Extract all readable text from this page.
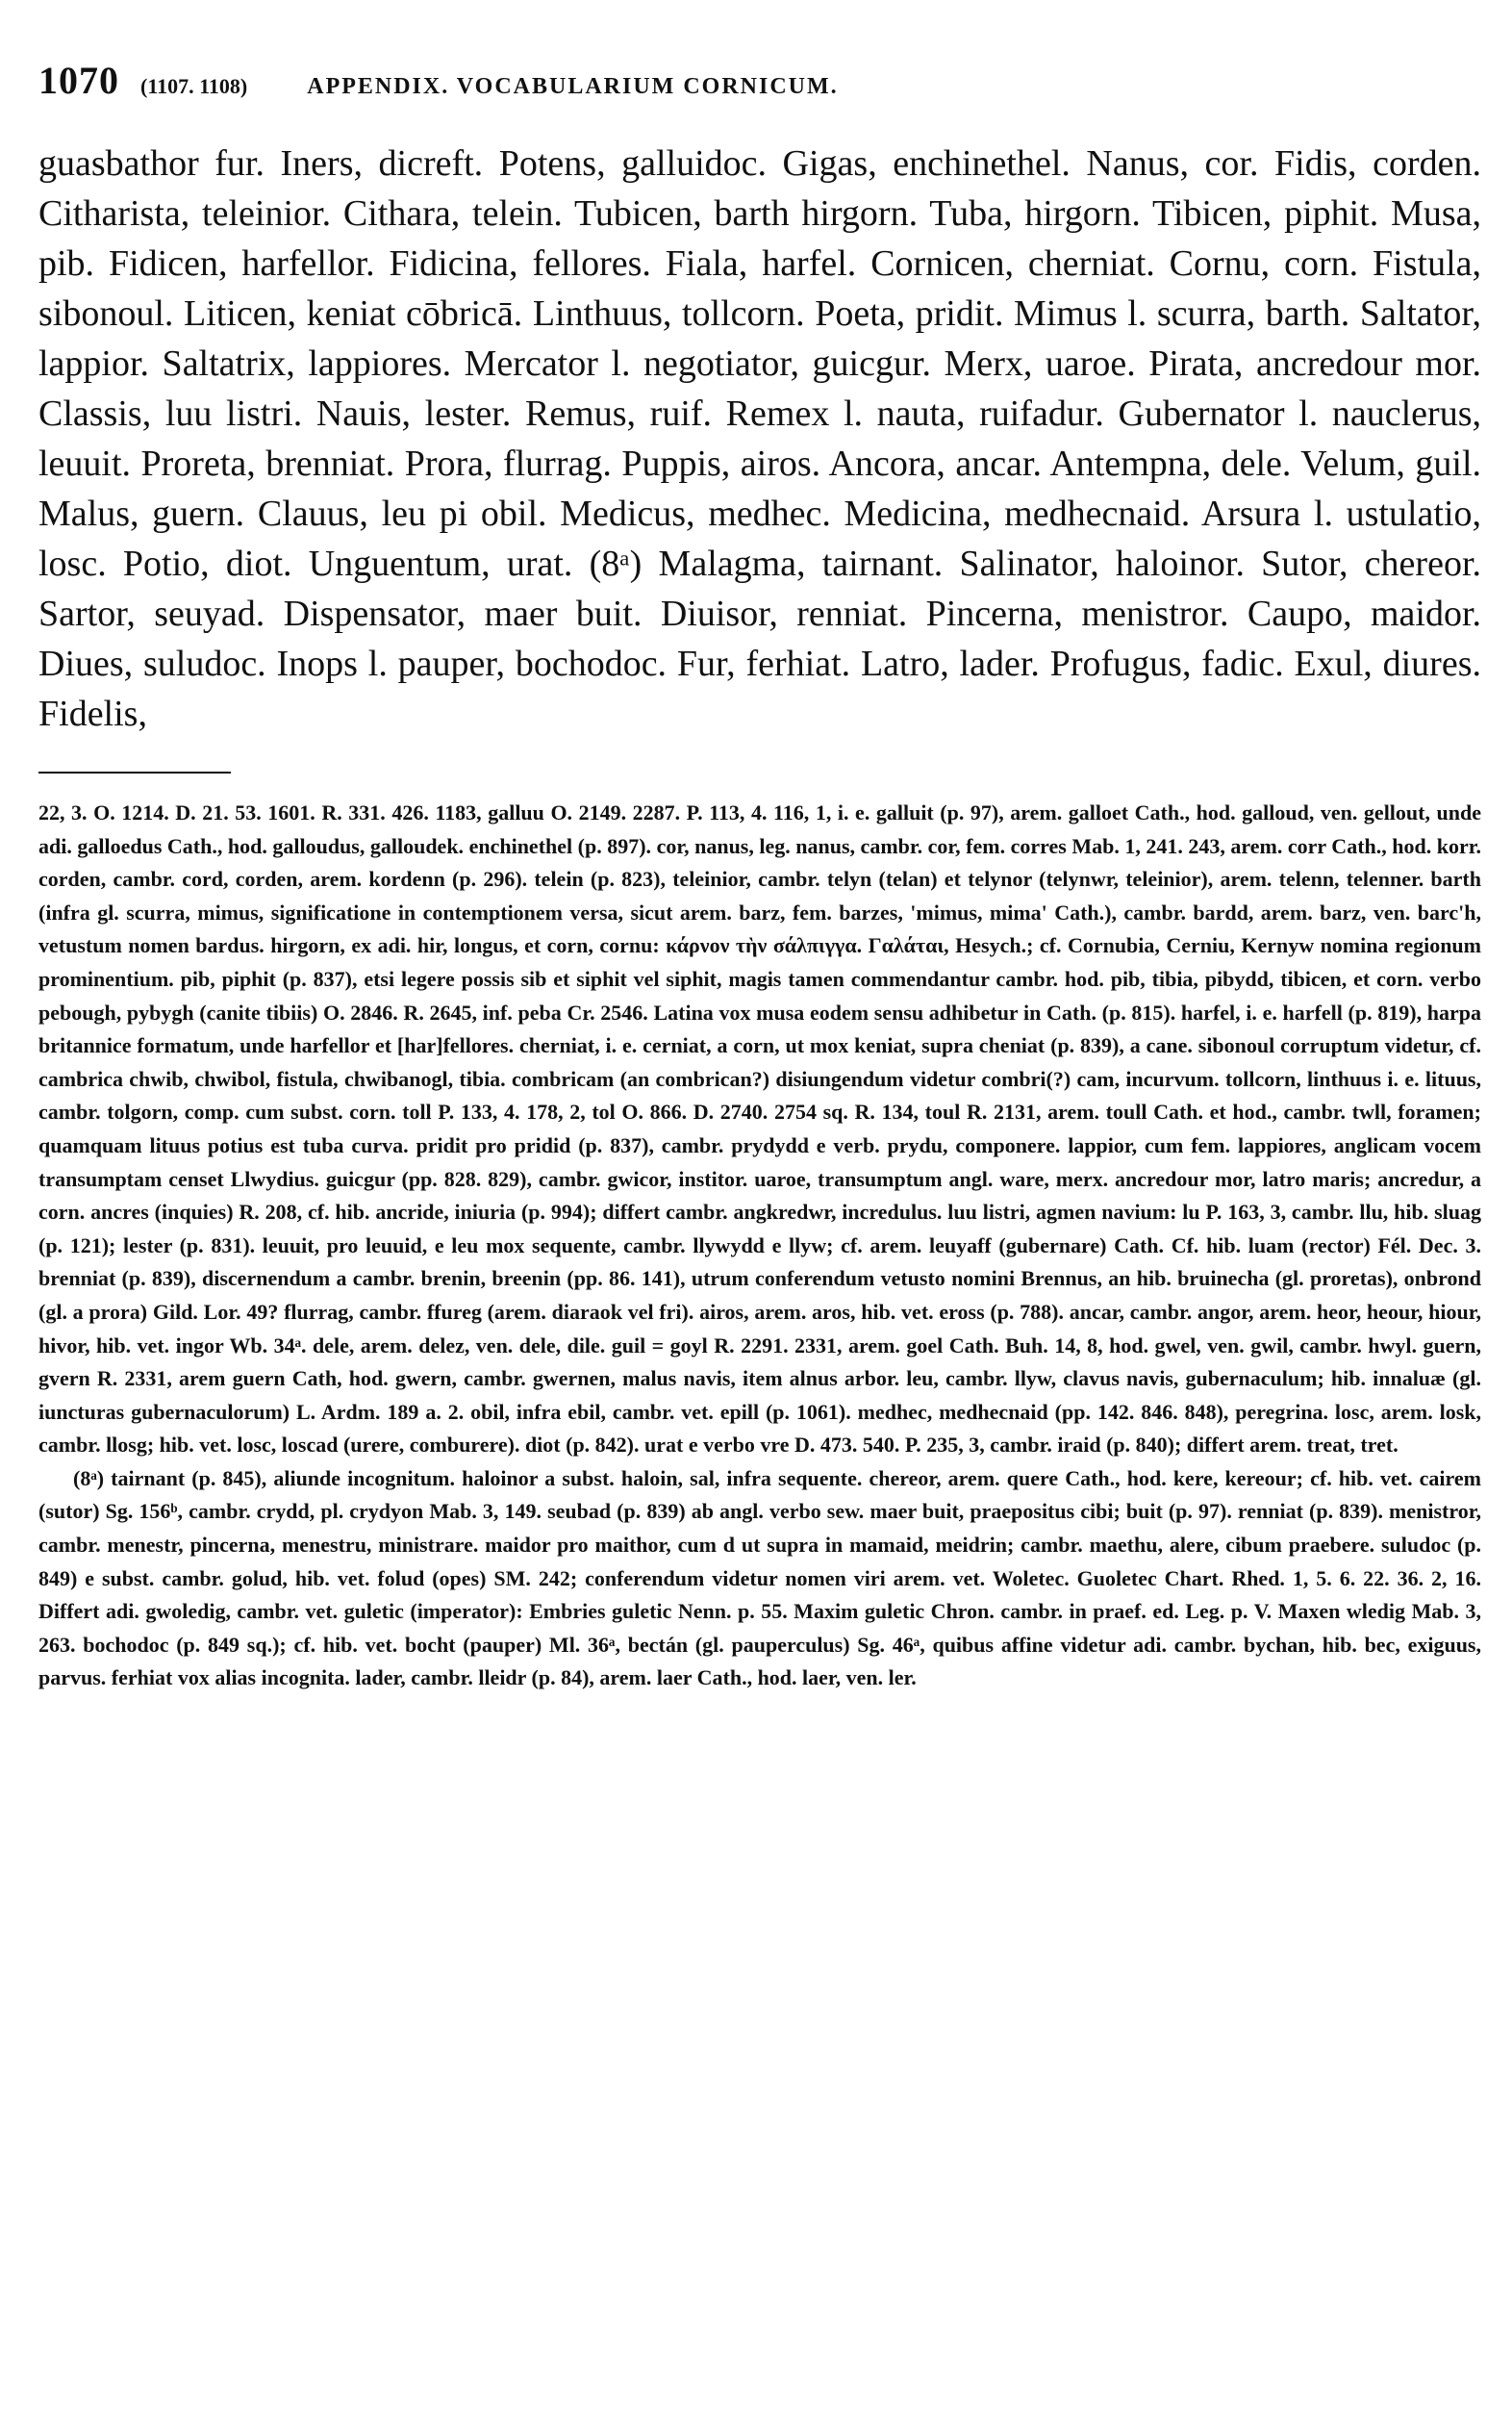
1070 (1107. 1108)	APPENDIX. VOCABULARIUM CORNICUM.
guasbathor fur. Iners, dicreft. Potens, galluidoc. Gigas, enchinethel. Nanus, cor. Fidis, corden. Citharista, teleinior. Cithara, telein. Tubicen, barth hirgorn. Tuba, hirgorn. Tibicen, piphit. Musa, pib. Fidicen, harfellor. Fidicina, fellores. Fiala, harfel. Cornicen, cherniat. Cornu, corn. Fistula, sibonoul. Liticen, keniat cōbricā. Linthuus, tollcorn. Poeta, pridit. Mimus l. scurra, barth. Saltator, lappior. Saltatrix, lappiores. Mercator l. negotiator, guicgur. Merx, uaroe. Pirata, ancredour mor. Classis, luu listri. Nauis, lester. Remus, ruif. Remex l. nauta, ruifadur. Gubernator l. nauclerus, leuuit. Proreta, brenniat. Prora, flurrag. Puppis, airos. Ancora, ancar. Antempna, dele. Velum, guil. Malus, guern. Clauus, leu pi obil. Medicus, medhec. Medicina, medhecnaid. Arsura l. ustulatio, losc. Potio, diot. Unguentum, urat. (8ᵃ) Malagma, tairnant. Salinator, haloinor. Sutor, chereor. Sartor, seuyad. Dispensator, maer buit. Diuisor, renniat. Pincerna, menistror. Caupo, maidor. Diues, suludoc. Inops l. pauper, bochodoc. Fur, ferhiat. Latro, lader. Profugus, fadic. Exul, diures. Fidelis,

22, 3. O. 1214. D. 21. 53. 1601. R. 331. 426. 1183, galluu O. 2149. 2287. P. 113, 4. 116, 1, i. e. galluit (p. 97), arem. galloet Cath., hod. galloud, ven. gellout, unde adi. galloedus Cath., hod. galloudus, galloudek. enchinethel (p. 897). cor, nanus, leg. nanus, cambr. cor, fem. corres Mab. 1, 241. 243, arem. corr Cath., hod. korr. corden, cambr. cord, corden, arem. kordenn (p. 296). telein (p. 823), teleinior, cambr. telyn (telan) et telynor (telynwr, teleinior), arem. telenn, telenner. barth (infra gl. scurra, mimus, significatione in contemptionem versa, sicut arem. barz, fem. barzes, 'mimus, mima' Cath.), cambr. bardd, arem. barz, ven. barc'h, vetustum nomen bardus. hirgorn, ex adi. hir, longus, et corn, cornu: κάρνον τὴν σάλπιγγα. Γαλάται, Hesych.; cf. Cornubia, Cerniu, Kernyw nomina regionum prominentium. pib, piphit (p. 837), etsi legere possis sib et siphit vel siphit, magis tamen commendantur cambr. hod. pib, tibia, pibydd, tibicen, et corn. verbo pebough, pybygh (canite tibiis) O. 2846. R. 2645, inf. peba Cr. 2546. Latina vox musa eodem sensu adhibetur in Cath. (p. 815). harfel, i. e. harfell (p. 819), harpa britannice formatum, unde harfellor et [har]fellores. cherniat, i. e. cerniat, a corn, ut mox keniat, supra cheniat (p. 839), a cane. sibonoul corruptum videtur, cf. cambrica chwib, chwibol, fistula, chwibanogl, tibia. combricam (an combrican?) disiungendum videtur combri(?) cam, incurvum. tollcorn, linthuus i. e. lituus, cambr. tolgorn, comp. cum subst. corn. toll P. 133, 4. 178, 2, tol O. 866. D. 2740. 2754 sq. R. 134, toul R. 2131, arem. toull Cath. et hod., cambr. twll, foramen; quamquam lituus potius est tuba curva. pridit pro pridid (p. 837), cambr. prydydd e verb. prydu, componere. lappior, cum fem. lappiores, anglicam vocem transumptam censet Llwydius. guicgur (pp. 828. 829), cambr. gwicor, institor. uaroe, transumptum angl. ware, merx. ancredour mor, latro maris; ancredur, a corn. ancres (inquies) R. 208, cf. hib. ancride, iniuria (p. 994); differt cambr. angkredwr, incredulus. luu listri, agmen navium: lu P. 163, 3, cambr. llu, hib. sluag (p. 121); lester (p. 831). leuuit, pro leuuid, e leu mox sequente, cambr. llywydd e llyw; cf. arem. leuyaff (gubernare) Cath. Cf. hib. luam (rector) Fél. Dec. 3. brenniat (p. 839), discernendum a cambr. brenin, breenin (pp. 86. 141), utrum conferendum vetusto nomini Brennus, an hib. bruinecha (gl. proretas), onbrond (gl. a prora) Gild. Lor. 49? flurrag, cambr. ffureg (arem. diaraok vel fri). airos, arem. aros, hib. vet. eross (p. 788). ancar, cambr. angor, arem. heor, heour, hiour, hivor, hib. vet. ingor Wb. 34ᵃ. dele, arem. delez, ven. dele, dile. guil = goyl R. 2291. 2331, arem. goel Cath. Buh. 14, 8, hod. gwel, ven. gwil, cambr. hwyl. guern, gvern R. 2331, arem guern Cath, hod. gwern, cambr. gwernen, malus navis, item alnus arbor. leu, cambr. llyw, clavus navis, gubernaculum; hib. innaluæ (gl. iuncturas gubernaculorum) L. Ardm. 189 a. 2. obil, infra ebil, cambr. vet. epill (p. 1061). medhec, medhecnaid (pp. 142. 846. 848), peregrina. losc, arem. losk, cambr. llosg; hib. vet. losc, loscad (urere, comburere). diot (p. 842). urat e verbo vre D. 473. 540. P. 235, 3, cambr. iraid (p. 840); differt arem. treat, tret.

(8ᵃ) tairnant (p. 845), aliunde incognitum. haloinor a subst. haloin, sal, infra sequente. chereor, arem. quere Cath., hod. kere, kereour; cf. hib. vet. cairem (sutor) Sg. 156ᵇ, cambr. crydd, pl. crydyon Mab. 3, 149. seubad (p. 839) ab angl. verbo sew. maer buit, praepositus cibi; buit (p. 97). renniat (p. 839). menistror, cambr. menestr, pincerna, menestru, ministrare. maidor pro maithor, cum d ut supra in mamaid, meidrin; cambr. maethu, alere, cibum praebere. suludoc (p. 849) e subst. cambr. golud, hib. vet. folud (opes) SM. 242; conferendum videtur nomen viri arem. vet. Woletec. Guoletec Chart. Rhed. 1, 5. 6. 22. 36. 2, 16. Differt adi. gwoledig, cambr. vet. guletic (imperator): Embries guletic Nenn. p. 55. Maxim guletic Chron. cambr. in praef. ed. Leg. p. V. Maxen wledig Mab. 3, 263. bochodoc (p. 849 sq.); cf. hib. vet. bocht (pauper) Ml. 36ᵃ, bectán (gl. pauperculus) Sg. 46ᵃ, quibus affine videtur adi. cambr. bychan, hib. bec, exiguus, parvus. ferhiat vox alias incognita. lader, cambr. lleidr (p. 84), arem. laer Cath., hod. laer, ven. ler.
